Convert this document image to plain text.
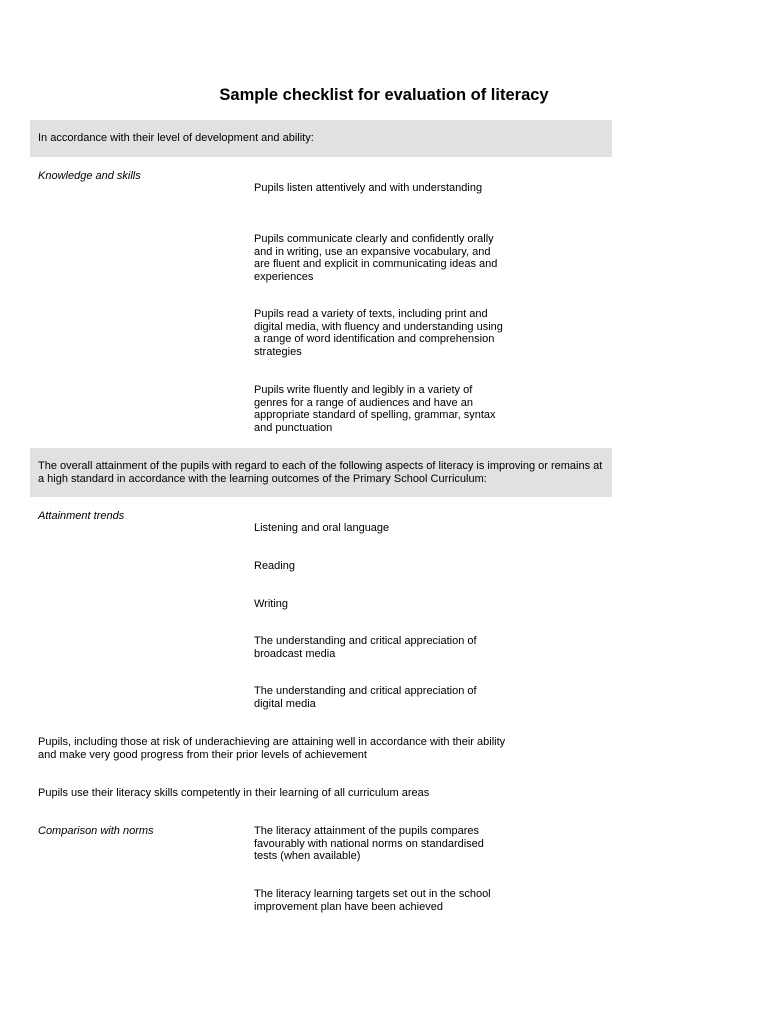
Sample checklist for evaluation of literacy
In accordance with their level of development and ability:
Knowledge and skills
Pupils listen attentively and with understanding
Pupils communicate clearly and confidently orally and in writing, use an expansive vocabulary, and are fluent and explicit in communicating ideas and experiences
Pupils read a variety of texts, including print and digital media, with fluency and understanding using a range of word identification and comprehension strategies
Pupils write fluently and legibly in a variety of genres for a range of audiences and have an appropriate standard of spelling, grammar, syntax and punctuation
The overall attainment of the pupils with regard to each of the following aspects of literacy is improving or remains at a high standard in accordance with the learning outcomes of the Primary School Curriculum:
Attainment trends
Listening and oral language
Reading
Writing
The understanding and critical appreciation of broadcast media
The understanding and critical appreciation of digital media
Pupils, including those at risk of underachieving are attaining well in accordance with their ability and make very good progress from their prior levels of achievement
Pupils use their literacy skills competently in their learning of all curriculum areas
Comparison with norms	The literacy attainment of the pupils compares favourably with national norms on standardised tests (when available)
The literacy learning targets set out in the school improvement plan have been achieved
